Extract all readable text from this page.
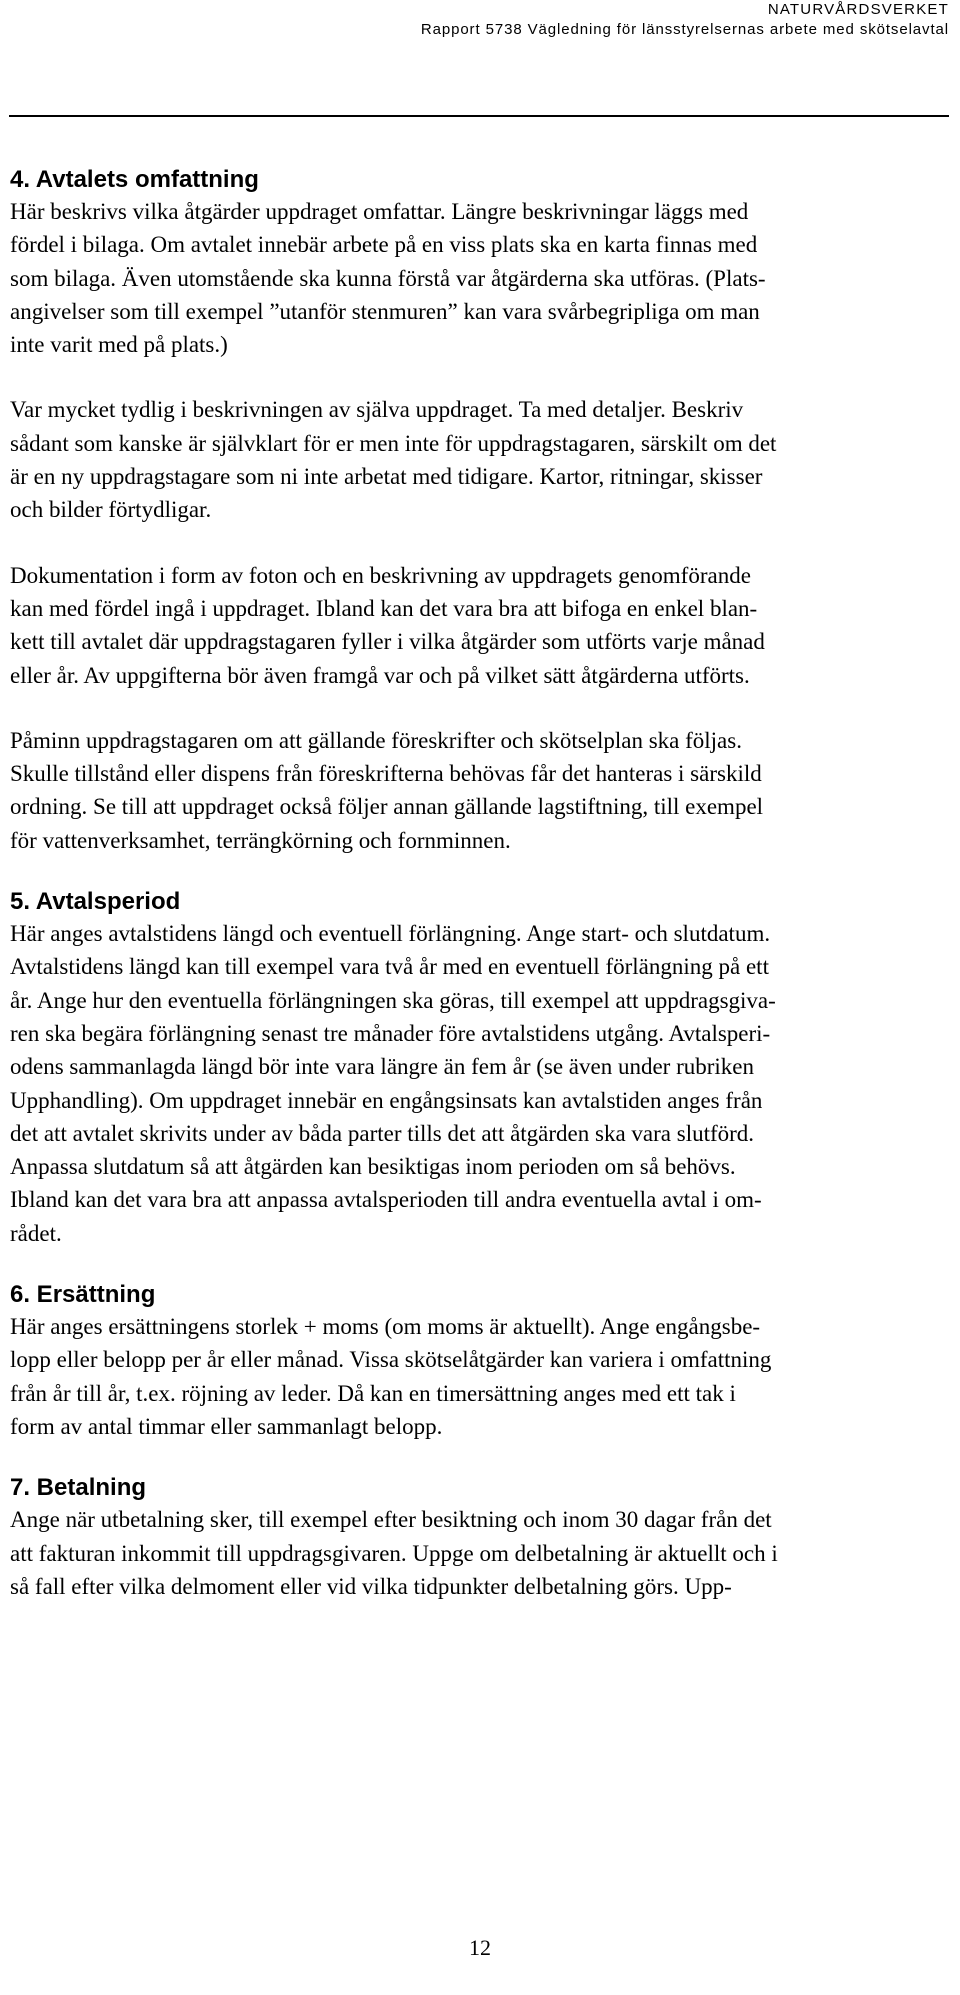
NATURVÅRDSVERKET
Rapport 5738 Vägledning för länsstyrelsernas arbete med skötselavtal
4. Avtalets omfattning

Här beskrivs vilka åtgärder uppdraget omfattar. Längre beskrivningar läggs med
fördel i bilaga. Om avtalet innebär arbete på en viss plats ska en karta finnas med
som bilaga. Även utomstående ska kunna förstå var åtgärderna ska utföras. (Plats-
angivelser som till exempel ”utanför stenmuren” kan vara svårbegripliga om man
inte varit med på plats.)

Var mycket tydlig i beskrivningen av själva uppdraget. Ta med detaljer. Beskriv
sådant som kanske är självklart för er men inte för uppdragstagaren, särskilt om det
är en ny uppdragstagare som ni inte arbetat med tidigare. Kartor, ritningar, skisser
och bilder förtydligar.

Dokumentation i form av foton och en beskrivning av uppdragets genomförande
kan med fördel ingå i uppdraget. Ibland kan det vara bra att bifoga en enkel blan-
kett till avtalet där uppdragstagaren fyller i vilka åtgärder som utförts varje månad
eller år. Av uppgifterna bör även framgå var och på vilket sätt åtgärderna utförts.

Påminn uppdragstagaren om att gällande föreskrifter och skötselplan ska följas.
Skulle tillstånd eller dispens från föreskrifterna behövas får det hanteras i särskild
ordning. Se till att uppdraget också följer annan gällande lagstiftning, till exempel
för vattenverksamhet, terrängkörning och fornminnen.

5. Avtalsperiod

Här anges avtalstidens längd och eventuell förlängning. Ange start- och slutdatum.
Avtalstidens längd kan till exempel vara två år med en eventuell förlängning på ett
år. Ange hur den eventuella förlängningen ska göras, till exempel att uppdragsgiva-
ren ska begära förlängning senast tre månader före avtalstidens utgång. Avtalsperi-
odens sammanlagda längd bör inte vara längre än fem år (se även under rubriken
Upphandling). Om uppdraget innebär en engångsinsats kan avtalstiden anges från
det att avtalet skrivits under av båda parter tills det att åtgärden ska vara slutförd.
Anpassa slutdatum så att åtgärden kan besiktigas inom perioden om så behövs.
Ibland kan det vara bra att anpassa avtalsperioden till andra eventuella avtal i om-
rådet.

6. Ersättning

Här anges ersättningens storlek + moms (om moms är aktuellt). Ange engångsbe-
lopp eller belopp per år eller månad. Vissa skötselåtgärder kan variera i omfattning
från år till år, t.ex. röjning av leder. Då kan en timersättning anges med ett tak i
form av antal timmar eller sammanlagt belopp.

7. Betalning

Ange när utbetalning sker, till exempel efter besiktning och inom 30 dagar från det
att fakturan inkommit till uppdragsgivaren. Uppge om delbetalning är aktuellt och i
så fall efter vilka delmoment eller vid vilka tidpunkter delbetalning görs. Upp-

12
